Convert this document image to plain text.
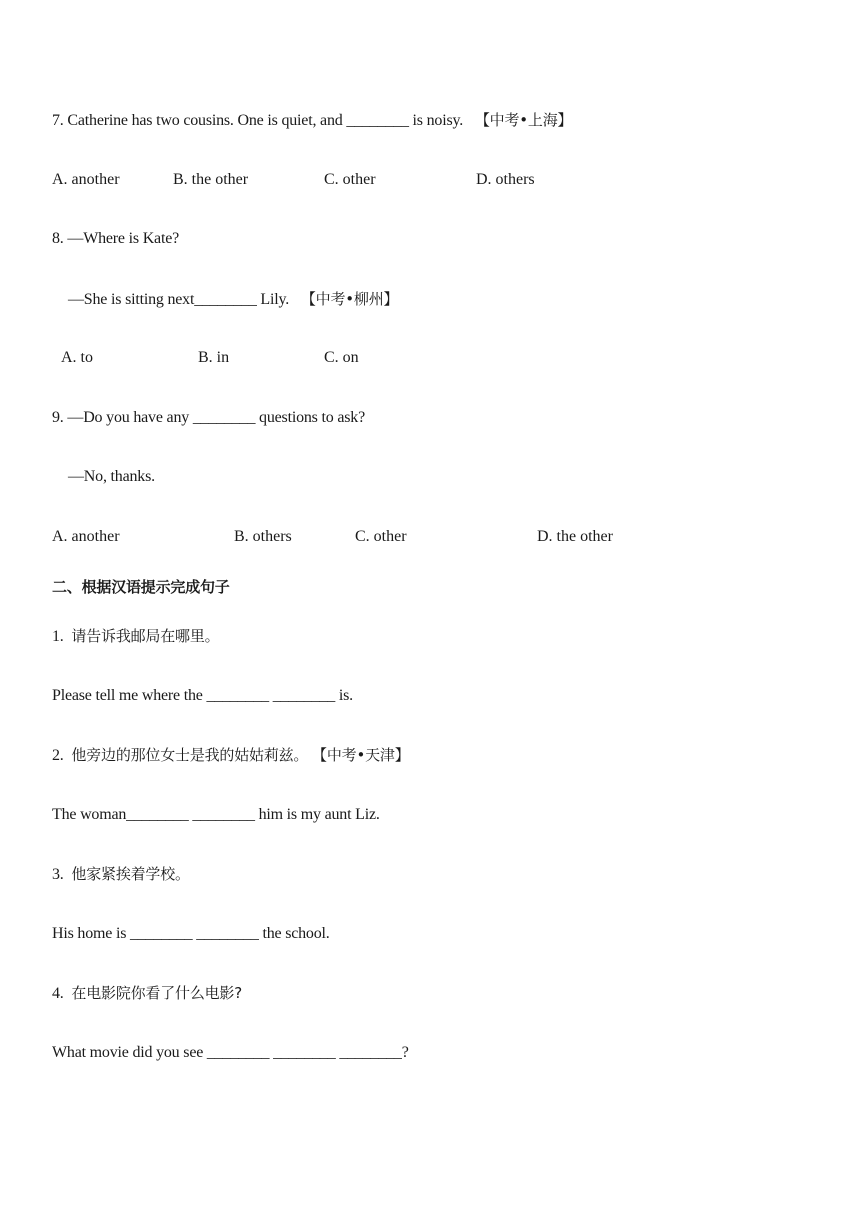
7. Catherine has two cousins. One is quiet, and ________ is noisy. 【中考•上海】
A. another	B. the other	C. other	D. others
8. —Where is Kate?
—She is sitting next________ Lily. 【中考•柳州】
A. to	B. in	C. on
9. —Do you have any ________ questions to ask?
—No, thanks.
A. another	B. others	C. other	D. the other
二、根据汉语提示完成句子
1. 请告诉我邮局在哪里。
Please tell me where the ________ ________ is.
2. 他旁边的那位女士是我的姑姑莉兹。 【中考•天津】
The woman________ ________ him is my aunt Liz.
3. 他家紧挨着学校。
His home is ________ ________ the school.
4. 在电影院你看了什么电影?
What movie did you see ________ ________ ________?
